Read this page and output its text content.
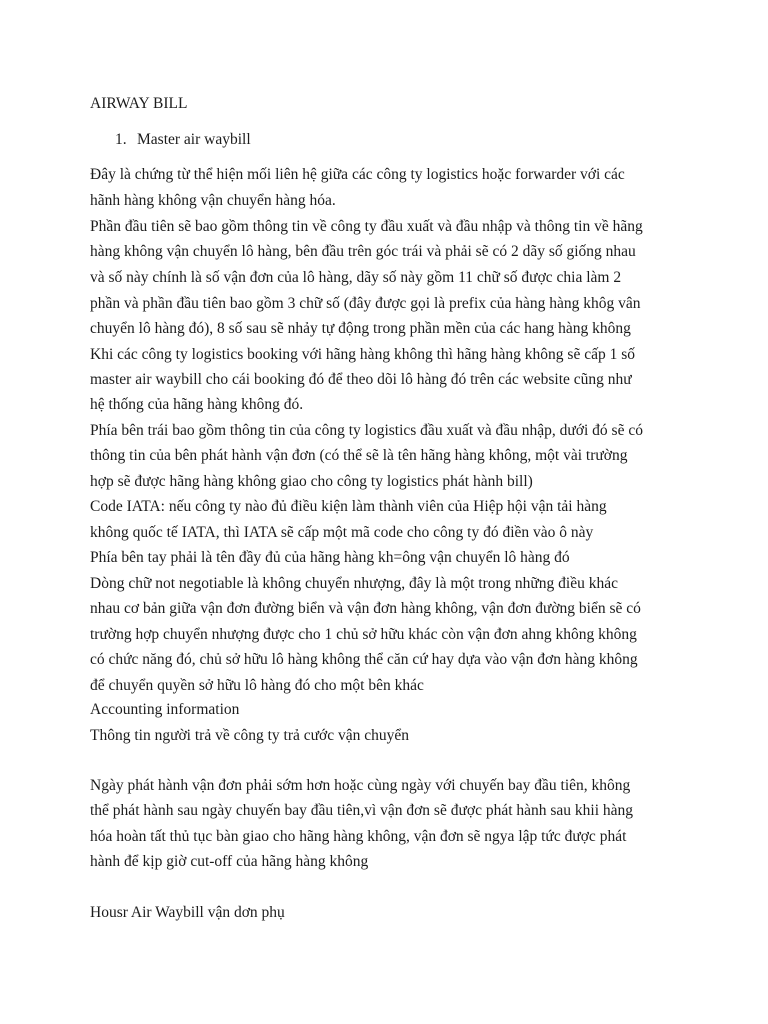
AIRWAY BILL
1. Master air waybill
Đây là chứng từ thể hiện mối liên hệ giữa các công ty logistics hoặc forwarder với các
hãnh hàng không vận chuyển hàng hóa.
Phần đầu tiên sẽ bao gồm thông tin về công ty đầu xuất và đầu nhập và thông tin về hãng
hàng không vận chuyển lô hàng, bên đầu trên góc trái và phải sẽ có 2 dãy số giống nhau
và số này chính là số vận đơn của lô hàng, dãy số này gồm 11 chữ số được chia làm 2
phần và phần đầu tiên bao gồm 3 chữ số (đây được gọi là prefix của hàng hàng khôg vân
chuyển lô hàng đó), 8 số sau sẽ nhảy tự động trong phần mền của các hang hàng không
Khi các công ty logistics booking với hãng hàng không thì hãng hàng không sẽ cấp 1 số
master air waybill cho cái booking đó để theo dõi lô hàng đó trên các website cũng như
hệ thống của hãng hàng không đó.
Phía bên trái bao gồm thông tin của công ty logistics đầu xuất và đầu nhập, dưới đó sẽ có
thông tin của bên phát hành vận đơn (có thể sẽ là tên hãng hàng không, một vài trường
hợp sẽ được hãng hàng không giao cho công ty logistics phát hành bill)
Code IATA: nếu công ty nào đủ điều kiện làm thành viên của Hiệp hội vận tải hàng
không quốc tế IATA, thì IATA sẽ cấp một mã code cho công ty đó điền vào ô này
Phía bên tay phải là tên đầy đủ của hãng hàng kh=ông vận chuyển lô hàng đó
Dòng chữ not negotiable là không chuyển nhượng, đây là một trong những điều khác
nhau cơ bản giữa vận đơn đường biển và vận đơn hàng không, vận đơn đường biển sẽ có
trường hợp chuyển nhượng được cho 1 chủ sở hữu khác còn vận đơn ahng không không
có chức năng đó, chủ sở hữu lô hàng không thể căn cứ hay dựa vào vận đơn hàng không
để chuyển quyền sở hữu lô hàng đó cho một bên khác
Accounting information
Thông tin người trả về công ty trả cước vận chuyển
Ngày phát hành vận đơn phải sớm hơn hoặc cùng ngày với chuyến bay đầu tiên, không
thể phát hành sau ngày chuyến bay đầu tiên,vì vận đơn sẽ được phát hành sau khii hàng
hóa hoàn tất thủ tục bàn giao cho hãng hàng không, vận đơn sẽ ngya lập tức được phát
hành để kịp giờ cut-off của hãng hàng không
Housr Air Waybill vận dơn phụ
